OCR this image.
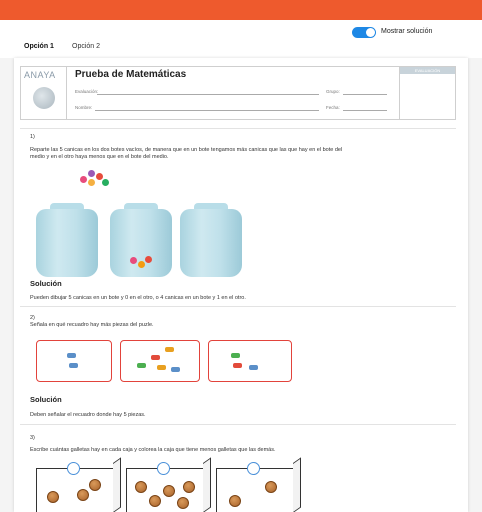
Opción 1	Opción 2
Mostrar solución
ANAYA Prueba de Matemáticas
Evaluación:	Grupo:
Nombre:	Fecha:
EVALUACIÓN
1)
Reparte las 5 canicas en los dos botes vacíos, de manera que en un bote tengamos más canicas que las que hay en el bote del
medio y en el otro haya menos que en el bote del medio.
Solución
Pueden dibujar 5 canicas en un bote y 0 en el otro, o 4 canicas en un bote y 1 en el otro.
2)
Señala en qué recuadro hay más piezas del puzle.
Solución
Deben señalar el recuadro donde hay 5 piezas.
3)
Escribe cuántas galletas hay en cada caja y colorea la caja que tiene menos galletas que las demás.
